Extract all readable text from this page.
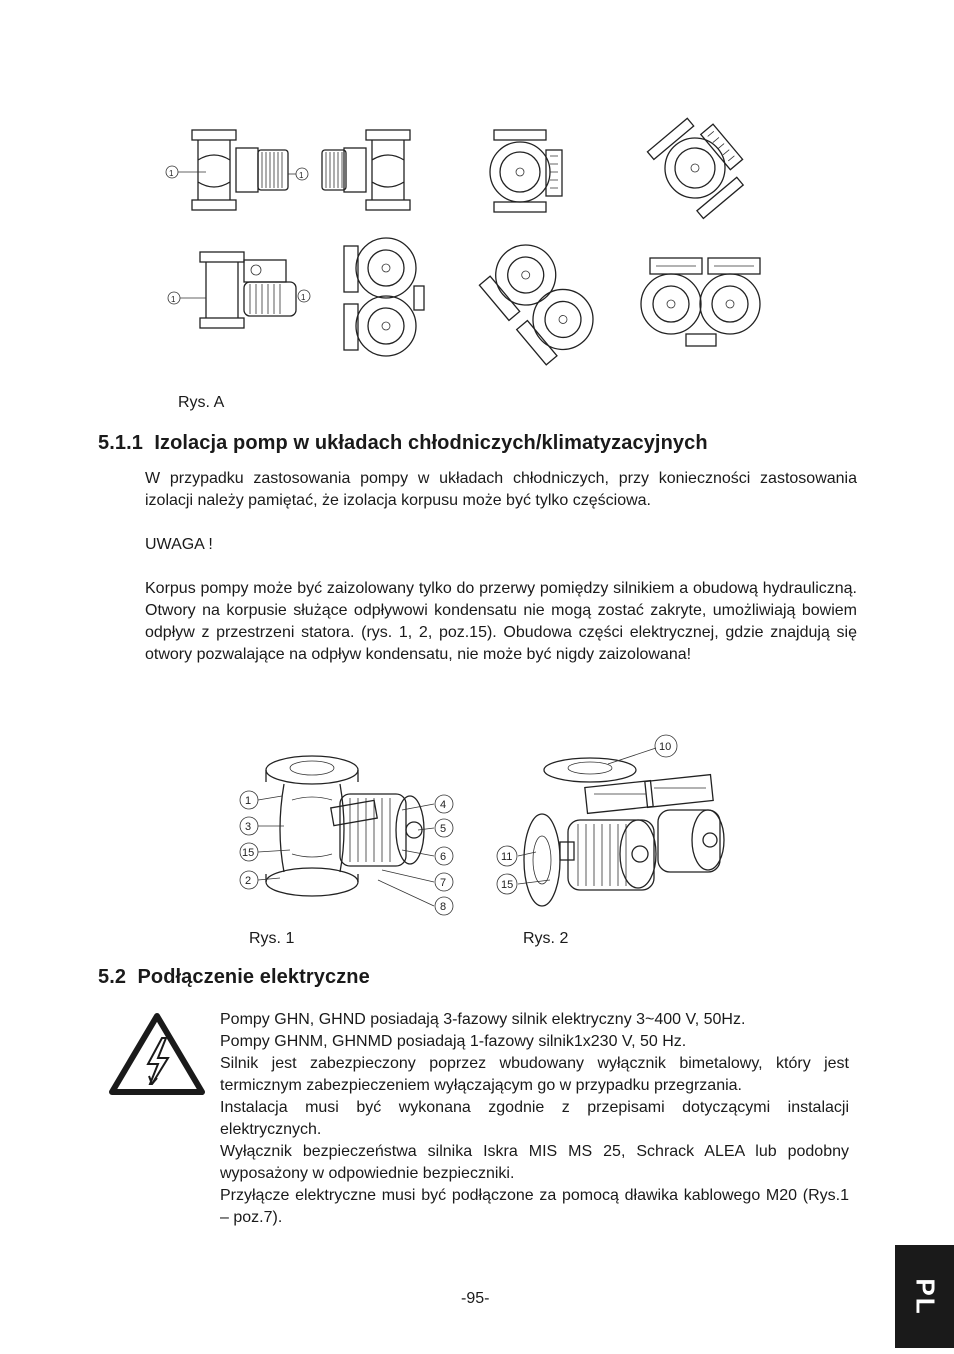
1	1
1	1
Rys. A
5.1.1 Izolacja pomp w układach chłodniczych/klimatyzacyjnych

W przypadku zastosowania pompy w układach chłodniczych, przy konieczności zastosowania izolacji należy pamiętać, że izolacja korpusu może być tylko częściowa.

UWAGA !

Korpus pompy może być zaizolowany tylko do przerwy pomiędzy silnikiem a obudową hydrauliczną. Otwory na korpusie służące odpływowi kondensatu nie mogą zostać zakryte, umożliwiają bowiem odpływ z przestrzeni statora. (rys. 1, 2, poz.15). Obudowa części elektrycznej, gdzie znajdują się otwory pozwalające na odpływ kondensatu, nie może być nigdy zaizolowana!

1
3
15
2
4
5
6
7
8
10
11
15
Rys. 1	Rys. 2
5.2 Podłączenie elektryczne

Pompy GHN, GHND posiadają 3-fazowy silnik elektryczny 3~400 V, 50Hz.

Pompy GHNM, GHNMD posiadają 1-fazowy silnik1x230 V, 50 Hz.

Silnik jest zabezpieczony poprzez wbudowany wyłącznik bimetalowy, który jest termicznym zabezpieczeniem wyłączającym go w przypadku przegrzania.

Instalacja musi być wykonana zgodnie z przepisami dotyczącymi instalacji elektrycznych.

Wyłącznik bezpieczeństwa silnika Iskra MIS MS 25, Schrack ALEA lub podobny wyposażony w odpowiednie bezpieczniki.

Przyłącze elektryczne musi być podłączone za pomocą dławika kablowego M20 (Rys.1 – poz.7).

-95-	PL
